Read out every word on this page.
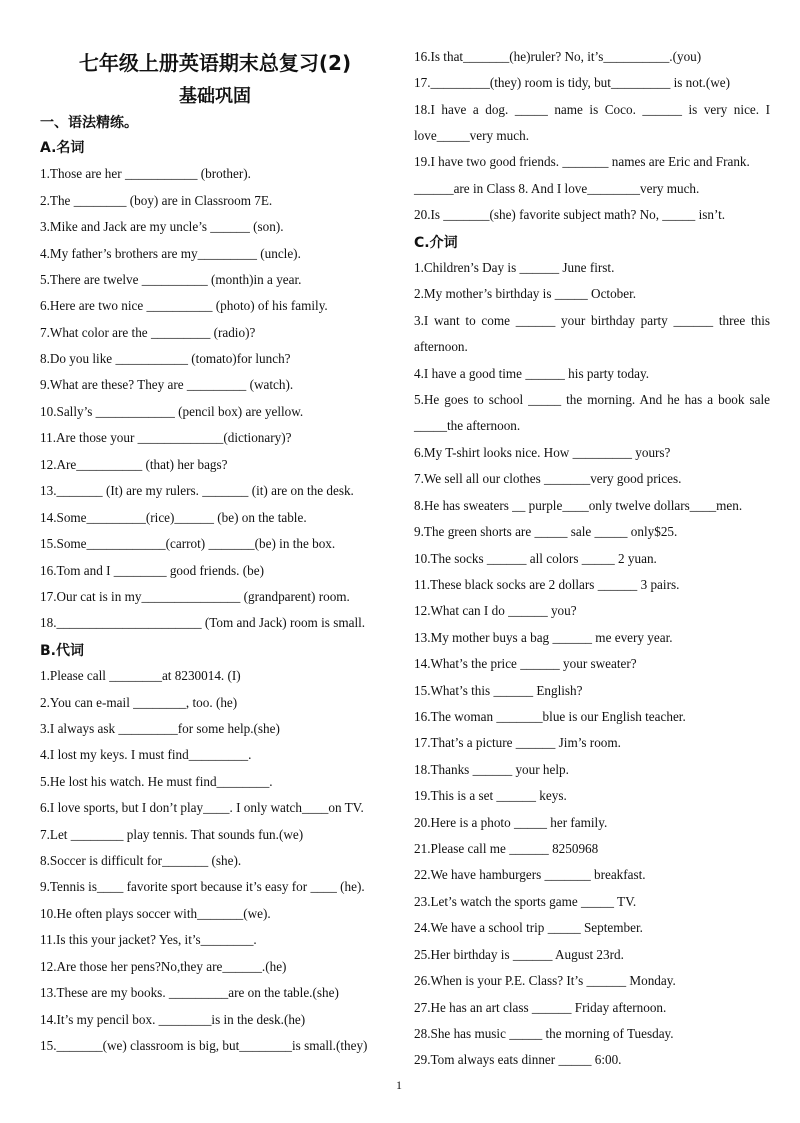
七年级上册英语期末总复习(2)
基础巩固
一、语法精练。
A.名词
1.Those are her ___________ (brother).
2.The ________ (boy) are in Classroom 7E.
3.Mike and Jack are my uncle’s ______ (son).
4.My father’s brothers are my_________ (uncle).
5.There are twelve __________ (month)in a year.
6.Here are two nice __________ (photo) of his family.
7.What color are the _________ (radio)?
8.Do you like ___________ (tomato)for lunch?
9.What are these? They are _________ (watch).
10.Sally’s ____________ (pencil box) are yellow.
11.Are those your _____________(dictionary)?
12.Are__________ (that) her bags?
13._______ (It) are my rulers. _______ (it) are on the desk.
14.Some_________(rice)______ (be) on the table.
15.Some____________(carrot) _______(be) in the box.
16.Tom and I ________ good friends. (be)
17.Our cat is in my_______________ (grandparent) room.
18.______________________ (Tom and Jack) room is small.
B.代词
1.Please call ________at 8230014. (I)
2.You can e-mail ________, too. (he)
3.I always ask _________for some help.(she)
4.I lost my keys. I must find_________.
5.He lost his watch. He must find________.
6.I love sports, but I don’t play____. I only watch____on TV.
7.Let ________ play tennis. That sounds fun.(we)
8.Soccer is difficult for_______ (she).
9.Tennis is____ favorite sport because it’s easy for ____ (he).
10.He often plays soccer with_______(we).
11.Is this your jacket? Yes, it’s________.
12.Are those her pens?No,they are______.(he)
13.These are my books. _________are on the table.(she)
14.It’s my pencil box. ________is in the desk.(he)
15._______(we) classroom is big, but________is small.(they)
16.Is that_______(he)ruler? No, it’s__________.(you)
17._________(they) room is tidy, but_________ is not.(we)
18.I have a dog. _____ name is Coco. ______ is very nice. I
love_____very much.
19.I have two good friends. _______ names are Eric and Frank.
______are in Class 8. And I love________very much.
20.Is _______(she) favorite subject math? No, _____ isn’t.
C.介词
1.Children’s Day is ______ June first.
2.My mother’s birthday is _____ October.
3.I want to come ______ your birthday party ______ three this
afternoon.
4.I have a good time ______ his party today.
5.He goes to school _____ the morning. And he has a book sale
_____the afternoon.
6.My T-shirt looks nice. How _________ yours?
7.We sell all our clothes _______very good prices.
8.He has sweaters __ purple____only twelve dollars____men.
9.The green shorts are _____ sale _____ only$25.
10.The socks ______ all colors _____ 2 yuan.
11.These black socks are 2 dollars ______ 3 pairs.
12.What can I do ______ you?
13.My mother buys a bag ______ me every year.
14.What’s the price ______ your sweater?
15.What’s this ______ English?
16.The woman _______blue is our English teacher.
17.That’s a picture ______ Jim’s room.
18.Thanks ______ your help.
19.This is a set ______ keys.
20.Here is a photo _____ her family.
21.Please call me ______ 8250968
22.We have hamburgers _______ breakfast.
23.Let’s watch the sports game _____ TV.
24.We have a school trip _____ September.
25.Her birthday is ______ August 23rd.
26.When is your P.E. Class? It’s ______ Monday.
27.He has an art class ______ Friday afternoon.
28.She has music _____ the morning of Tuesday.
29.Tom always eats dinner _____ 6:00.
1
